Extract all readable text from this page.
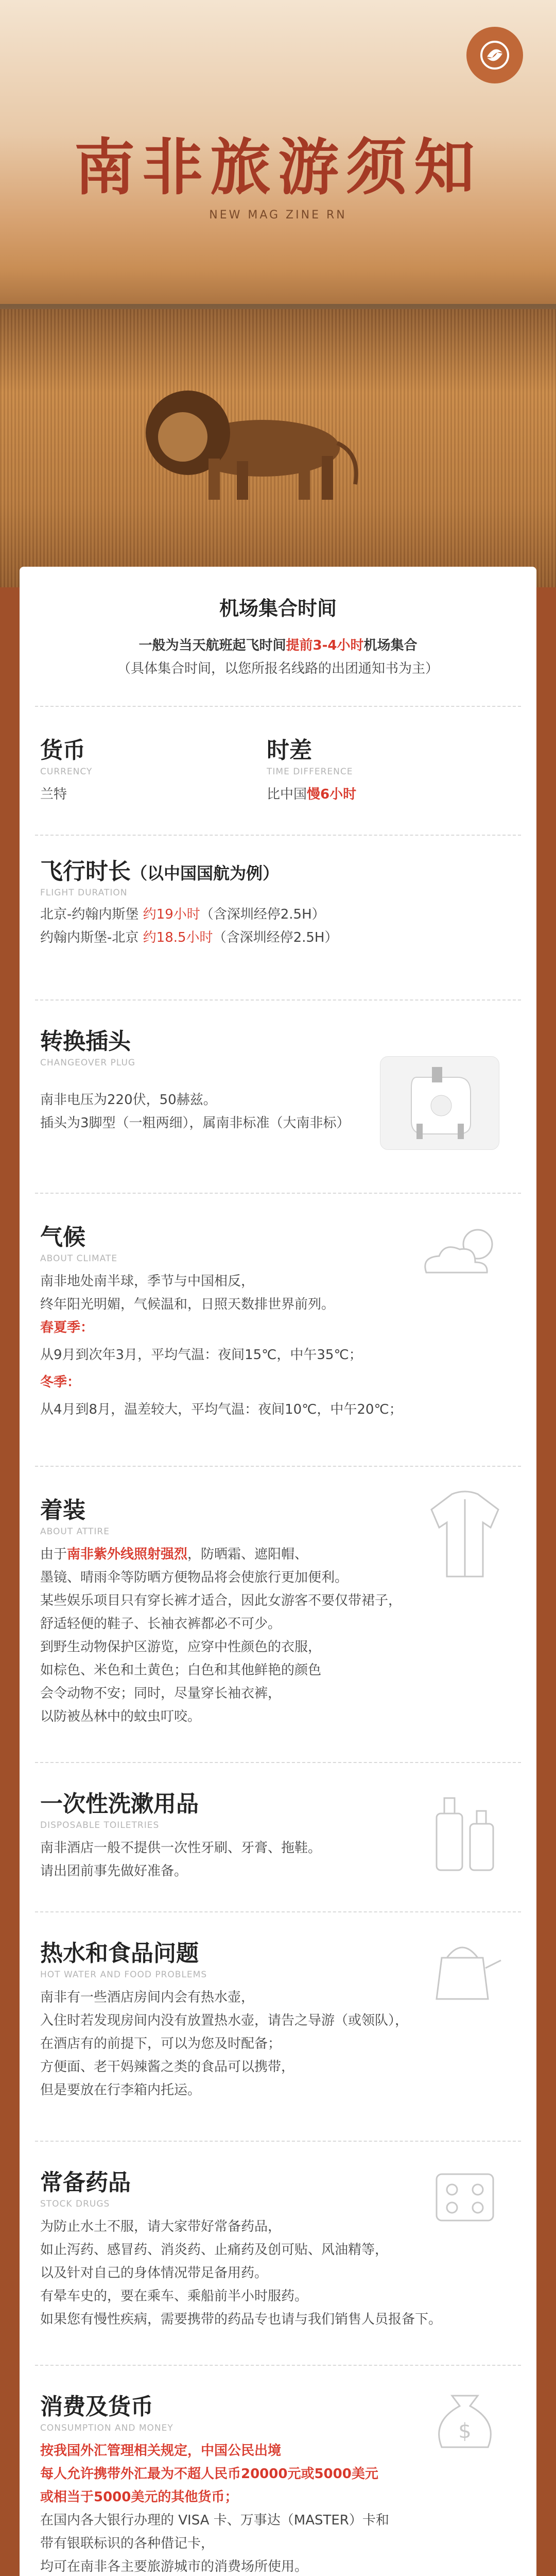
南非旅游须知
NEW MAG ZINE RN
机场集合时间
一般为当天航班起飞时间提前3-4小时机场集合
（具体集合时间，以您所报名线路的出团通知书为主）
货币
CURRENCY
兰特
时差
TIME DIFFERENCE
比中国慢6小时
飞行时长（以中国国航为例）
FLIGHT DURATION
北京-约翰内斯堡 约19小时（含深圳经停2.5H）
约翰内斯堡-北京 约18.5小时（含深圳经停2.5H）
转换插头
CHANGEOVER PLUG
南非电压为220伏，50赫兹。
插头为3脚型（一粗两细），属南非标准（大南非标）
气候
ABOUT CLIMATE
南非地处南半球，季节与中国相反，
终年阳光明媚，气候温和，日照天数排世界前列。
春夏季：
从9月到次年3月，平均气温：夜间15℃，中午35℃；
冬季：
从4月到8月，温差较大，平均气温：夜间10℃，中午20℃；
着装
ABOUT ATTIRE
由于南非紫外线照射强烈，防晒霜、遮阳帽、
墨镜、晴雨伞等防晒方便物品将会使旅行更加便利。
某些娱乐项目只有穿长裤才适合，因此女游客不要仅带裙子，
舒适轻便的鞋子、长袖衣裤都必不可少。
到野生动物保护区游览，应穿中性颜色的衣服，
如棕色、米色和土黄色；白色和其他鲜艳的颜色
会令动物不安；同时，尽量穿长袖衣裤，
以防被丛林中的蚊虫叮咬。
一次性洗漱用品
DISPOSABLE TOILETRIES
南非酒店一般不提供一次性牙刷、牙膏、拖鞋。
请出团前事先做好准备。
热水和食品问题
HOT WATER AND FOOD PROBLEMS
南非有一些酒店房间内会有热水壶，
入住时若发现房间内没有放置热水壶，请告之导游（或领队），
在酒店有的前提下，可以为您及时配备；
方便面、老干妈辣酱之类的食品可以携带，
但是要放在行李箱内托运。
常备药品
STOCK DRUGS
为防止水土不服，请大家带好常备药品，
如止泻药、感冒药、消炎药、止痛药及创可贴、风油精等，
以及针对自己的身体情况带足备用药。
有晕车史的，要在乘车、乘船前半小时服药。
如果您有慢性疾病，需要携带的药品专也请与我们销售人员报备下。
消费及货币
CONSUMPTION AND MONEY
按我国外汇管理相关规定，中国公民出境
每人允许携带外汇最为不超人民币20000元或5000美元
或相当于5000美元的其他货币；
在国内各大银行办理的 VISA 卡、万事达（MASTER）卡和
带有银联标识的各种借记卡，
均可在南非各主要旅游城市的消费场所使用。
$
